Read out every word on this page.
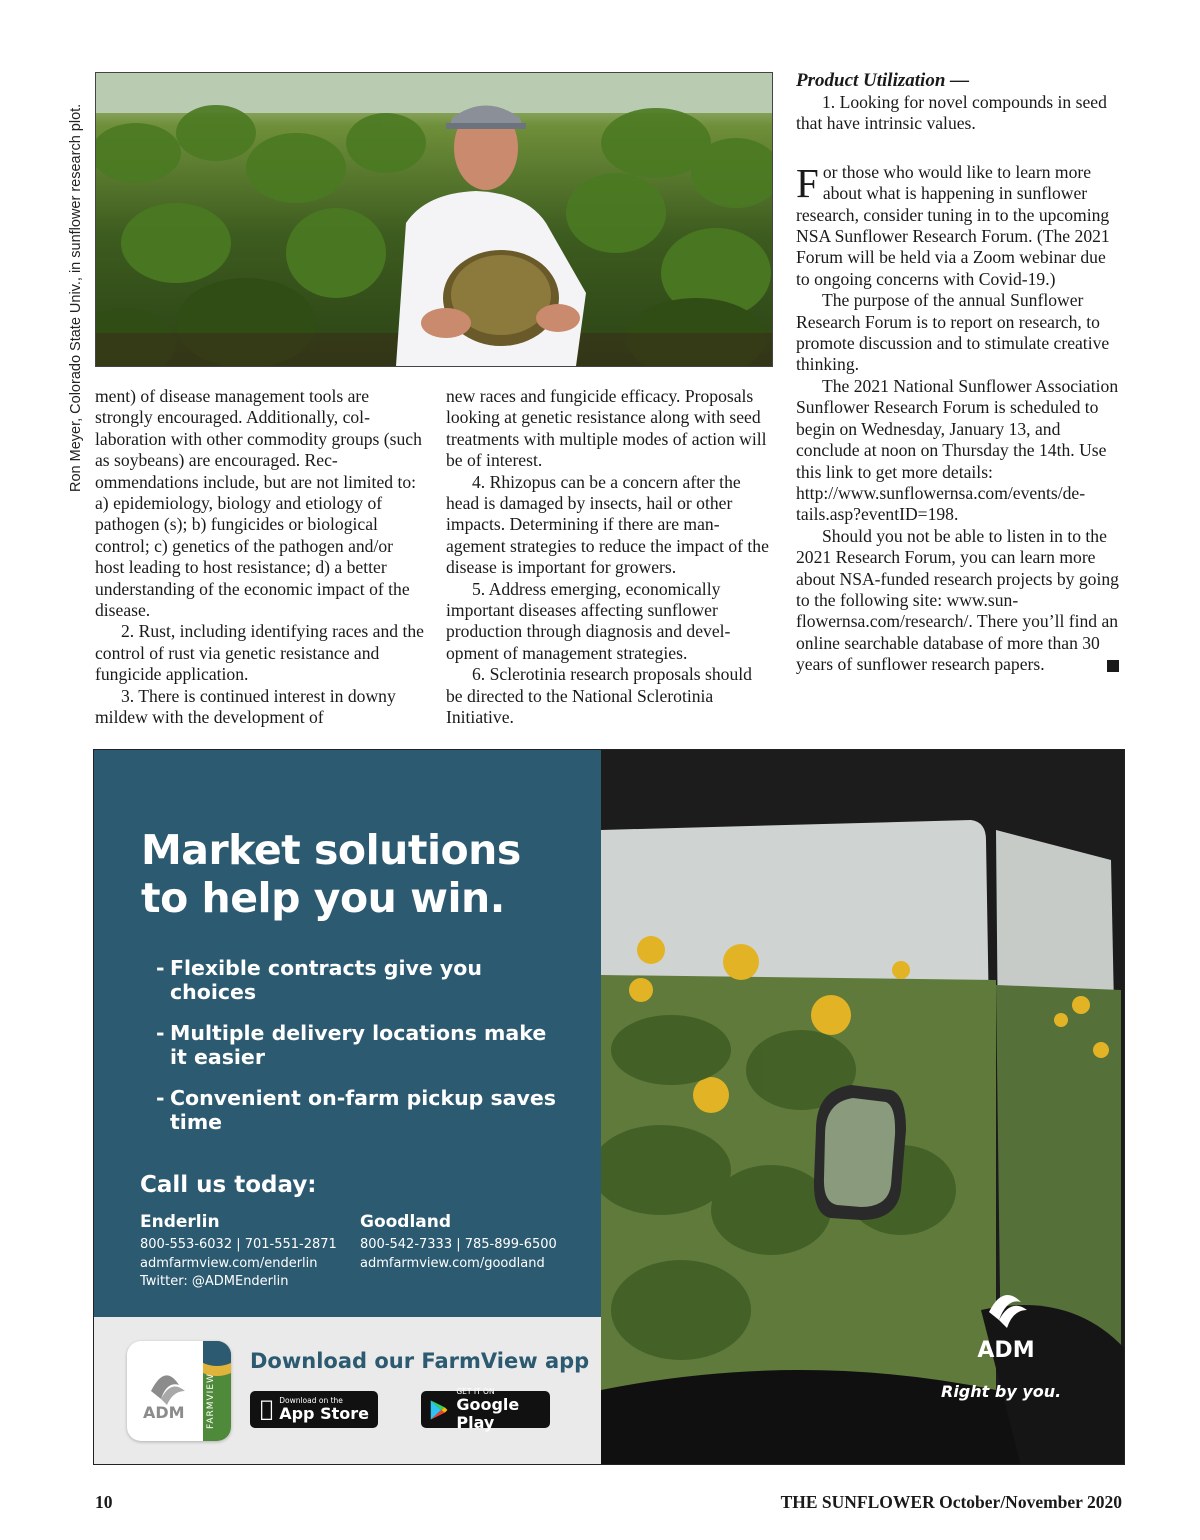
Ron Meyer, Colorado State Univ., in sunflower research plot. ment) of disease management tools are strongly encouraged. Additionally, collaboration with other commodity groups (such as soybeans) are encouraged. Recommendations include, but are not limited to: a) epidemiology, biology and etiology of pathogen (s); b) fungicides or biological control; c) genetics of the pathogen and/or host leading to host resistance; d) a better understanding of the economic impact of the disease.

2. Rust, including identifying races and the control of rust via genetic resistance and fungicide application.

3. There is continued interest in downy mildew with the development of

new races and fungicide efficacy. Proposals looking at genetic resistance along with seed treatments with multiple modes of action will be of interest.

4. Rhizopus can be a concern after the head is damaged by insects, hail or other impacts. Determining if there are management strategies to reduce the impact of the disease is important for growers.

5. Address emerging, economically important diseases affecting sunflower production through diagnosis and development of management strategies.

6. Sclerotinia research proposals should be directed to the National Sclerotinia Initiative.

Product Utilization —

1. Looking for novel compounds in seed that have intrinsic values.

For those who would like to learn more about what is happening in sunflower research, consider tuning in to the upcoming NSA Sunflower Research Forum. (The 2021 Forum will be held via a Zoom webinar due to ongoing concerns with Covid-19.)

The purpose of the annual Sunflower Research Forum is to report on research, to promote discussion and to stimulate creative thinking.

The 2021 National Sunflower Association Sunflower Research Forum is scheduled to begin on Wednesday, January 13, and conclude at noon on Thursday the 14th. Use this link to get more details: http://www.sunflowernsa.com/events/details.asp?eventID=198.

Should you not be able to listen in to the 2021 Research Forum, you can learn more about NSA-funded research projects by going to the following site: www.sunflowernsa.com/research/. There you’ll find an online searchable database of more than 30 years of sunflower research papers.

Market solutions
to help you win.
- Flexible contracts give you choices
- Multiple delivery locations make it easier
- Convenient on-farm pickup saves time
Call us today:
Enderlin
800-553-6032 | 701-551-2871
admfarmview.com/enderlin
Twitter: @ADMEnderlin
Goodland
800-542-7333 | 785-899-6500
admfarmview.com/goodland
ADM FARMVIEW
Download our FarmView app
Download on the
App Store
GET IT ON
Google Play
ADM
Right by you.
10	THE SUNFLOWER October/November 2020
